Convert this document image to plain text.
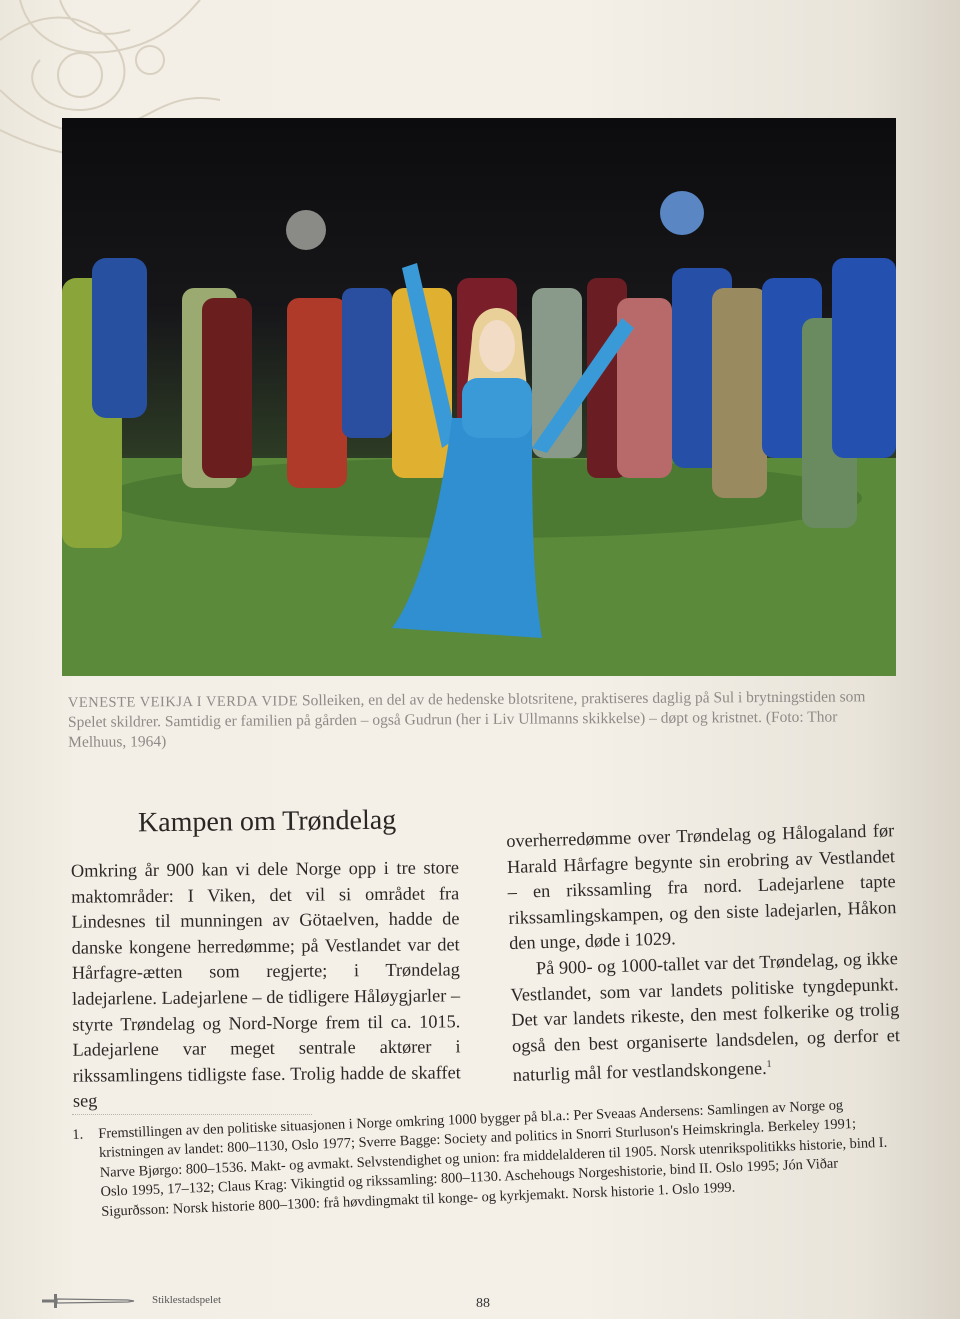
VENESTE VEIKJA I VERDA VIDE Solleiken, en del av de hedenske blotsritene, praktiseres daglig på Sul i brytningstiden som Spelet skildrer. Samtidig er familien på gården – også Gudrun (her i Liv Ullmanns skikkelse) – døpt og kristnet. (Foto: Thor Melhuus, 1964)
Kampen om Trøndelag

Omkring år 900 kan vi dele Norge opp i tre store maktområder: I Viken, det vil si området fra Lindesnes til munningen av Götaelven, hadde de danske kongene herredømme; på Vestlandet var det Hårfagre-ætten som regjerte; i Trøndelag ladejarlene. Ladejarlene – de tidligere Håløygjarler – styrte Trøndelag og Nord-Norge frem til ca. 1015. Ladejarlene var meget sentrale aktører i rikssamlingens tidligste fase. Trolig hadde de skaffet seg

overherredømme over Trøndelag og Hålogaland før Harald Hårfagre begynte sin erobring av Vestlandet – en rikssamling fra nord. Ladejarlene tapte rikssamlingskampen, og den siste ladejarlen, Håkon den unge, døde i 1029.

På 900- og 1000-tallet var det Trøndelag, og ikke Vestlandet, som var landets politiske tyngdepunkt. Det var landets rikeste, den mest folkerike og trolig også den best organiserte landsdelen, og derfor et naturlig mål for vestlandskongene.$^1$

1. Fremstillingen av den politiske situasjonen i Norge omkring 1000 bygger på bl.a.: Per Sveaas Andersens: Samlingen av Norge og kristningen av landet: 800–1130, Oslo 1977; Sverre Bagge: Society and politics in Snorri Sturluson's Heimskringla. Berkeley 1991; Narve Bjørgo: 800–1536. Makt- og avmakt. Selvstendighet og union: fra middelalderen til 1905. Norsk utenrikspolitikks historie, bind I. Oslo 1995, 17–132; Claus Krag: Vikingtid og rikssamling: 800–1130. Aschehougs Norgeshistorie, bind II. Oslo 1995; Jón Viðar Sigurðsson: Norsk historie 800–1300: frå høvdingmakt til konge- og kyrkjemakt. Norsk historie 1. Oslo 1999.
Stiklestadspelet	88
